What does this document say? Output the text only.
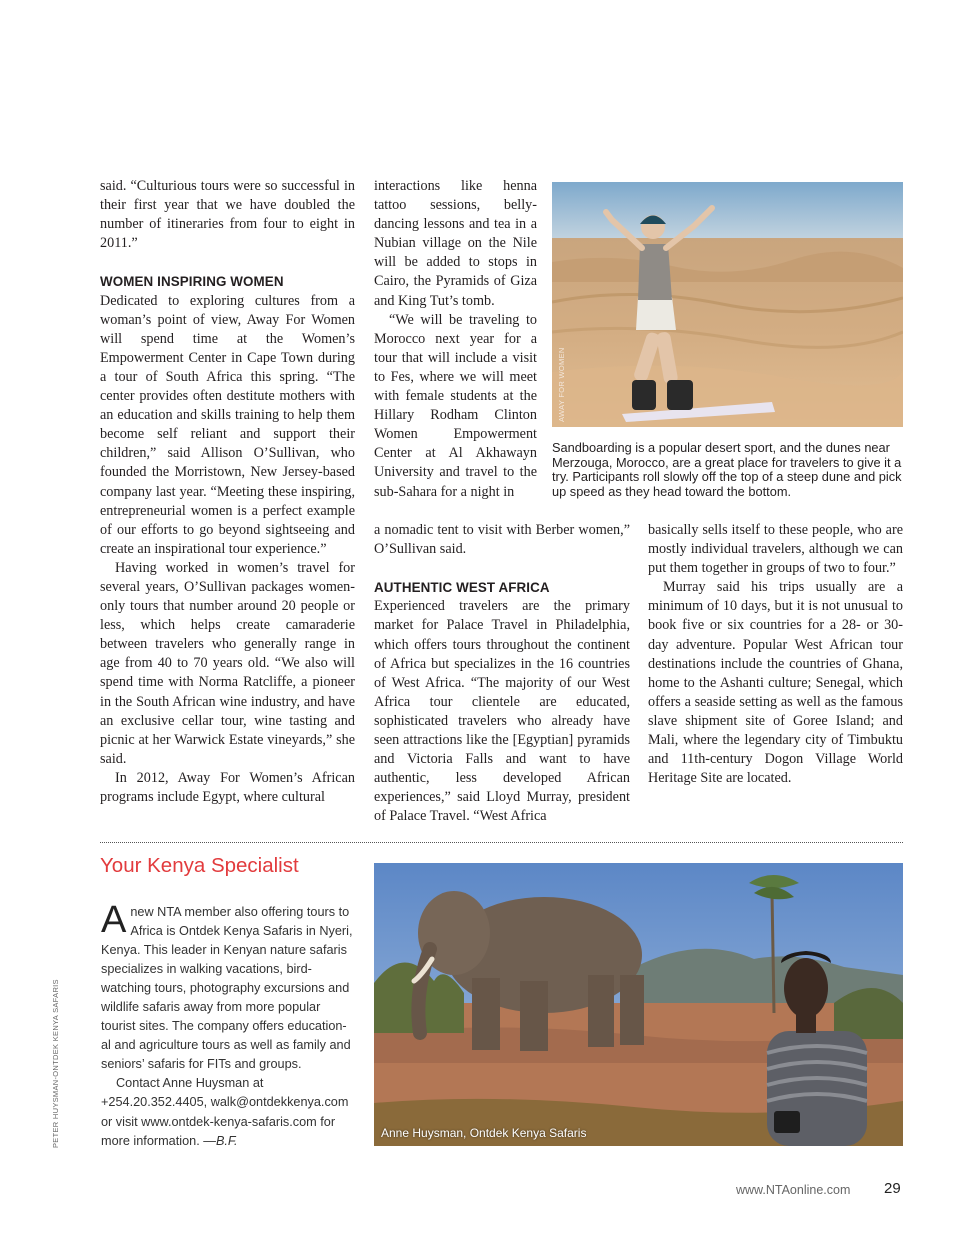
said. “Culturious tours were so successful in their first year that we have doubled the number of itineraries from four to eight in 2011.”

WOMEN INSPIRING WOMEN

Dedicated to exploring cultures from a woman’s point of view, Away For Women will spend time at the Women’s Empowerment Center in Cape Town during a tour of South Africa this spring. “The center provides often destitute mothers with an education and skills training to help them become self reliant and support their children,” said Allison O’Sullivan, who founded the Morristown, New Jersey-based company last year. “Meeting these inspiring, entrepreneurial women is a perfect example of our efforts to go beyond sightseeing and create an inspirational tour experience.”

Having worked in women’s travel for several years, O’Sullivan packages women-only tours that number around 20 people or less, which helps create camaraderie between travelers who generally range in age from 40 to 70 years old. “We also will spend time with Norma Ratcliffe, a pioneer in the South African wine industry, and have an exclusive cellar tour, wine tasting and picnic at her Warwick Estate vineyards,” she said.

In 2012, Away For Women’s African programs include Egypt, where cultural

interactions like henna tattoo sessions, belly-dancing lessons and tea in a Nubian village on the Nile will be added to stops in Cairo, the Pyramids of Giza and King Tut’s tomb.

“We will be traveling to Morocco next year for a tour that will include a visit to Fes, where we will meet with female students at the Hillary Rodham Clinton Women Empowerment Center at Al Akhawayn University and travel to the sub-Sahara for a night in

a nomadic tent to visit with Berber women,” O’Sullivan said.

AUTHENTIC WEST AFRICA

Experienced travelers are the primary market for Palace Travel in Philadelphia, which offers tours throughout the continent of Africa but specializes in the 16 countries of West Africa. “The majority of our West Africa tour clientele are educated, sophisticated travelers who already have seen attractions like the [Egyptian] pyramids and Victoria Falls and want to have authentic, less developed African experiences,” said Lloyd Murray, president of Palace Travel. “West Africa

basically sells itself to these people, who are mostly individual travelers, although we can put them together in groups of two to four.”

Murray said his trips usually are a minimum of 10 days, but it is not unusual to book five or six countries for a 28- or 30-day adventure. Popular West African tour destinations include the countries of Ghana, home to the Ashanti culture; Senegal, which offers a seaside setting as well as the famous slave shipment site of Goree Island; and Mali, where the legendary city of Timbuktu and 11th-century Dogon Village World Heritage Site are located.

AWAY FOR WOMEN

Sandboarding is a popular desert sport, and the dunes near Merzouga, Morocco, are a great place for travelers to give it a try. Participants roll slowly off the top of a steep dune and pick up speed as they head toward the bottom.

Your Kenya Specialist

Anew NTA member also offering tours to Africa is Ontdek Kenya Safaris in Nyeri, Kenya. This leader in Kenyan nature safaris specializes in walking vacations, bird-watching tours, photography excursions and wildlife safaris away from more popular tourist sites. The company offers education-al and agriculture tours as well as family and seniors’ safaris for FITs and groups.

Contact Anne Huysman at +254.20.352.4405, walk@ontdekkenya.com or visit www.ontdek-kenya-safaris.com for more information. —B.F.

PETER HUYSMAN-ONTDEK KENYA SAFARIS	Anne Huysman, Ontdek Kenya Safaris
www.NTAonline.com 29
